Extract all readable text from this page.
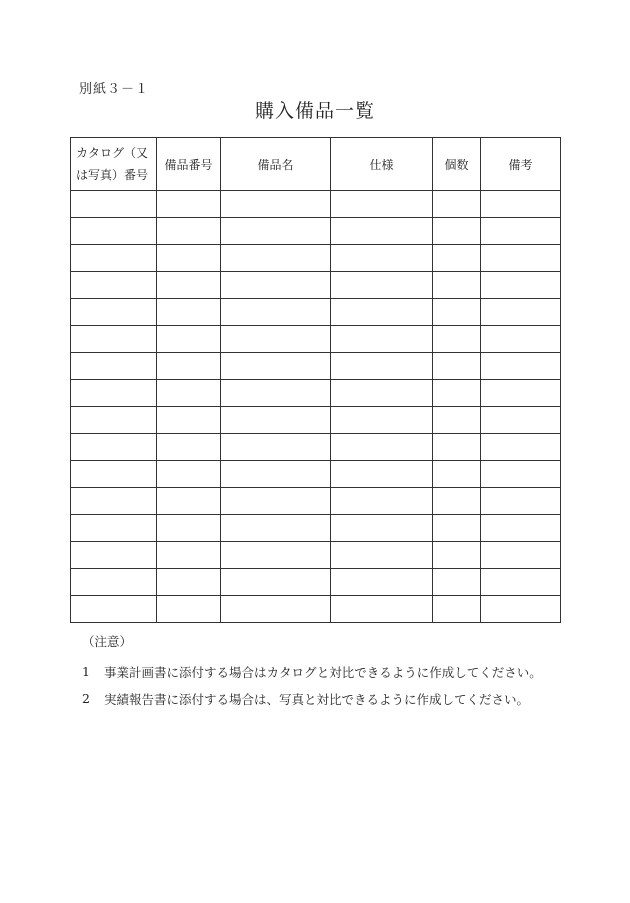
別紙３－１
購入備品一覧
カタログ（又
は写真）番号	備品番号	備品名	仕様	個数	備考

（注意）
1	事業計画書に添付する場合はカタログと対比できるように作成してください。
2	実績報告書に添付する場合は、写真と対比できるように作成してください。
